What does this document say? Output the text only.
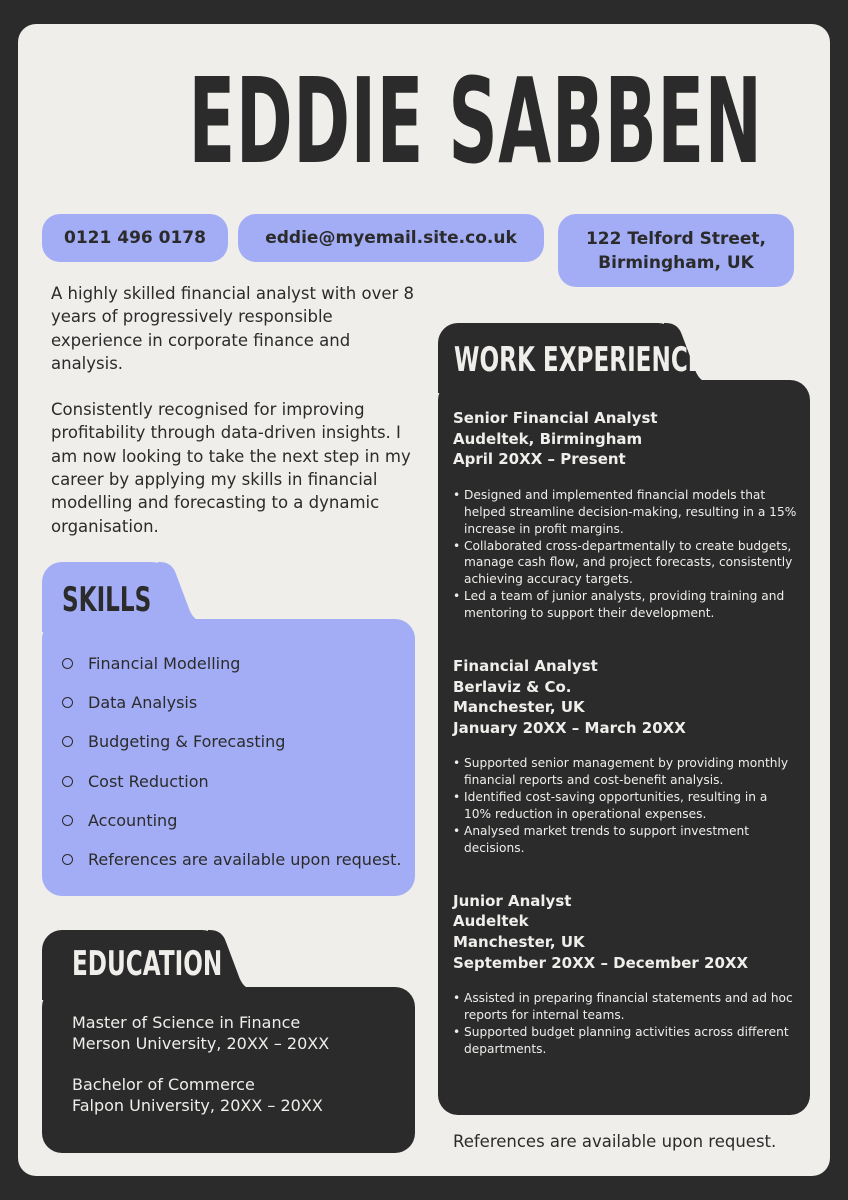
EDDIE SABBEN
0121 496 0178	eddie@myemail.site.co.uk	122 Telford Street,
Birmingham, UK

A highly skilled financial analyst with over 8 years of progressively responsible experience in corporate finance and analysis.

Consistently recognised for improving profitability through data-driven insights. I am now looking to take the next step in my career by applying my skills in financial modelling and forecasting to a dynamic organisation.

SKILLS
Financial Modelling
Data Analysis
Budgeting & Forecasting
Cost Reduction
Accounting
References are available upon request.
EDUCATION
Master of Science in Finance
Merson University, 20XX – 20XX
Bachelor of Commerce
Falpon University, 20XX – 20XX
WORK EXPERIENCE
Senior Financial Analyst
Audeltek, Birmingham
April 20XX – Present
• Designed and implemented financial models that helped streamline decision-making, resulting in a 15% increase in profit margins.
• Collaborated cross-departmentally to create budgets, manage cash flow, and project forecasts, consistently achieving accuracy targets.
• Led a team of junior analysts, providing training and mentoring to support their development.
Financial Analyst
Berlaviz & Co.
Manchester, UK
January 20XX – March 20XX
• Supported senior management by providing monthly financial reports and cost-benefit analysis.
• Identified cost-saving opportunities, resulting in a 10% reduction in operational expenses.
• Analysed market trends to support investment decisions.
Junior Analyst
Audeltek
Manchester, UK
September 20XX – December 20XX
• Assisted in preparing financial statements and ad hoc reports for internal teams.
• Supported budget planning activities across different departments.
References are available upon request.
